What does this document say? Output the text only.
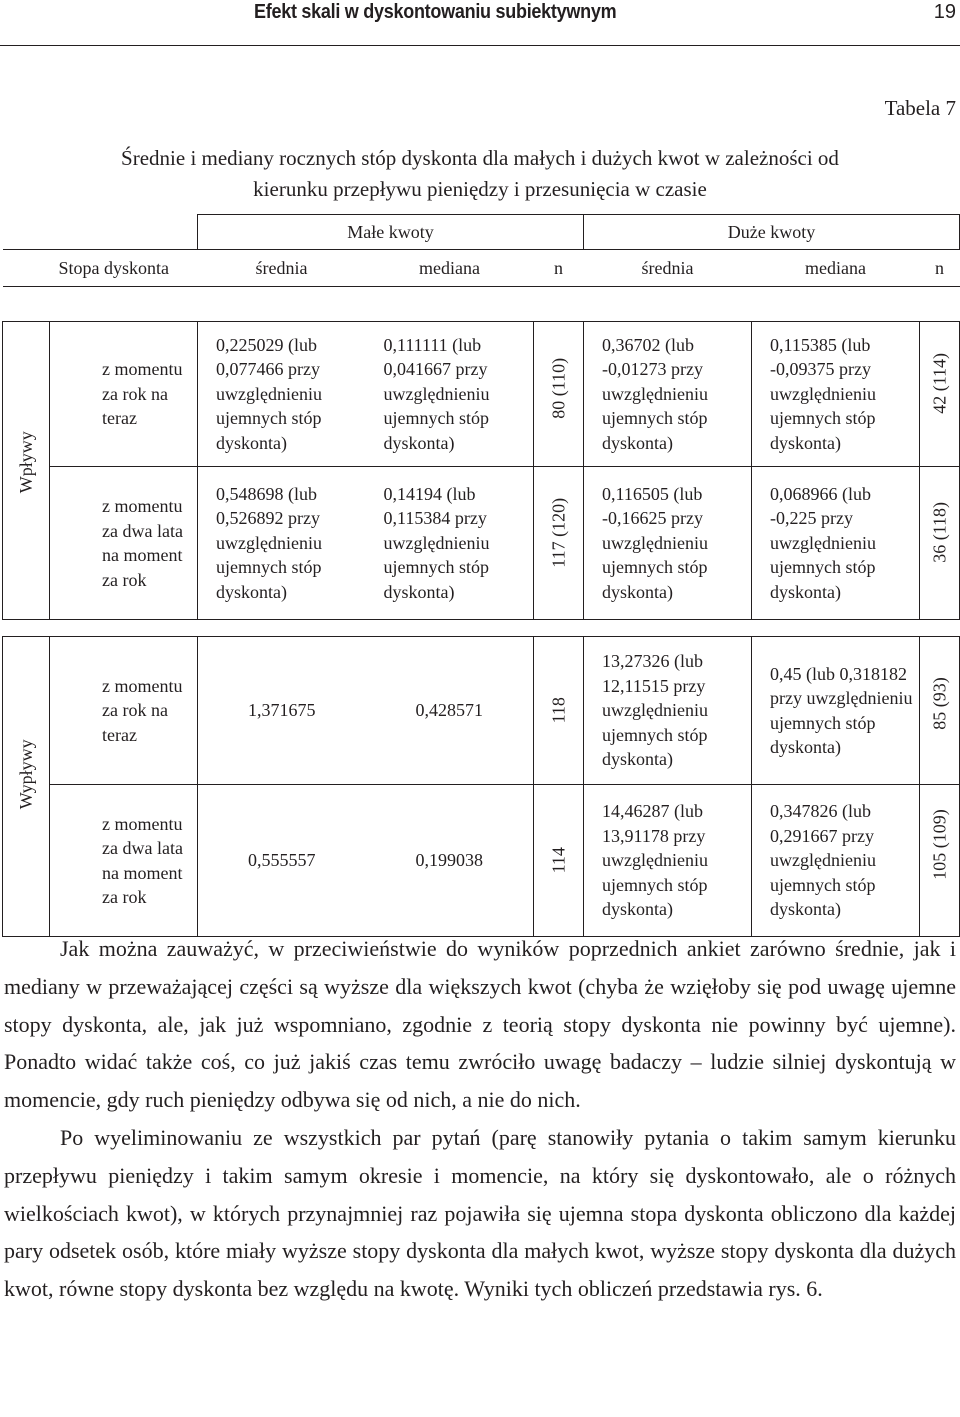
Efekt skali w dyskontowaniu subiektywnym	19
Tabela 7
Średnie i mediany rocznych stóp dyskonta dla małych i dużych kwot w zależności od
kierunku przepływu pieniędzy i przesunięcia w czasie
		Małe kwoty			Duże kwoty		
Stopa dyskonta		średnia	mediana	n	średnia	mediana	n

Wpływy	z momentu za rok na teraz	0,225029 (lub 0,077466 przy uwzględnieniu ujemnych stóp dyskonta)	0,111111 (lub 0,041667 przy uwzględnieniu ujemnych stóp dyskonta)	80 (110)	0,36702 (lub -0,01273 przy uwzględnieniu ujemnych stóp dyskonta)	0,115385 (lub -0,09375 przy uwzględnieniu ujemnych stóp dyskonta)	42 (114)

	z momentu za dwa lata na moment za rok	0,548698 (lub 0,526892 przy uwzględnieniu ujemnych stóp dyskonta)	0,14194 (lub 0,115384 przy uwzględnieniu ujemnych stóp dyskonta)	117 (120)	0,116505 (lub -0,16625 przy uwzględnieniu ujemnych stóp dyskonta)	0,068966 (lub -0,225 przy uwzględnieniu ujemnych stóp dyskonta)	36 (118)

Wypływy	z momentu za rok na teraz	1,371675	0,428571	118	13,27326 (lub 12,11515 przy uwzględnieniu ujemnych stóp dyskonta)	0,45 (lub 0,318182 przy uwzględnieniu ujemnych stóp dyskonta)	85 (93)

	z momentu za dwa lata na moment za rok	0,555557	0,199038	114	14,46287 (lub 13,91178 przy uwzględnieniu ujemnych stóp dyskonta)	0,347826 (lub 0,291667 przy uwzględnieniu ujemnych stóp dyskonta)	105 (109)

Jak można zauważyć, w przeciwieństwie do wyników poprzednich ankiet zarówno średnie, jak i mediany w przeważającej części są wyższe dla większych kwot (chyba że wzięłoby się pod uwagę ujemne stopy dyskonta, ale, jak już wspomniano, zgodnie z teorią stopy dyskonta nie powinny być ujemne). Ponadto widać także coś, co już jakiś czas temu zwróciło uwagę badaczy – ludzie silniej dyskontują w momencie, gdy ruch pieniędzy odbywa się od nich, a nie do nich.

Po wyeliminowaniu ze wszystkich par pytań (parę stanowiły pytania o takim samym kierunku przepływu pieniędzy i takim samym okresie i momencie, na który się dyskontowało, ale o różnych wielkościach kwot), w których przynajmniej raz pojawiła się ujemna stopa dyskonta obliczono dla każdej pary odsetek osób, które miały wyższe stopy dyskonta dla małych kwot, wyższe stopy dyskonta dla dużych kwot, równe stopy dyskonta bez względu na kwotę. Wyniki tych obliczeń przedstawia rys. 6.
